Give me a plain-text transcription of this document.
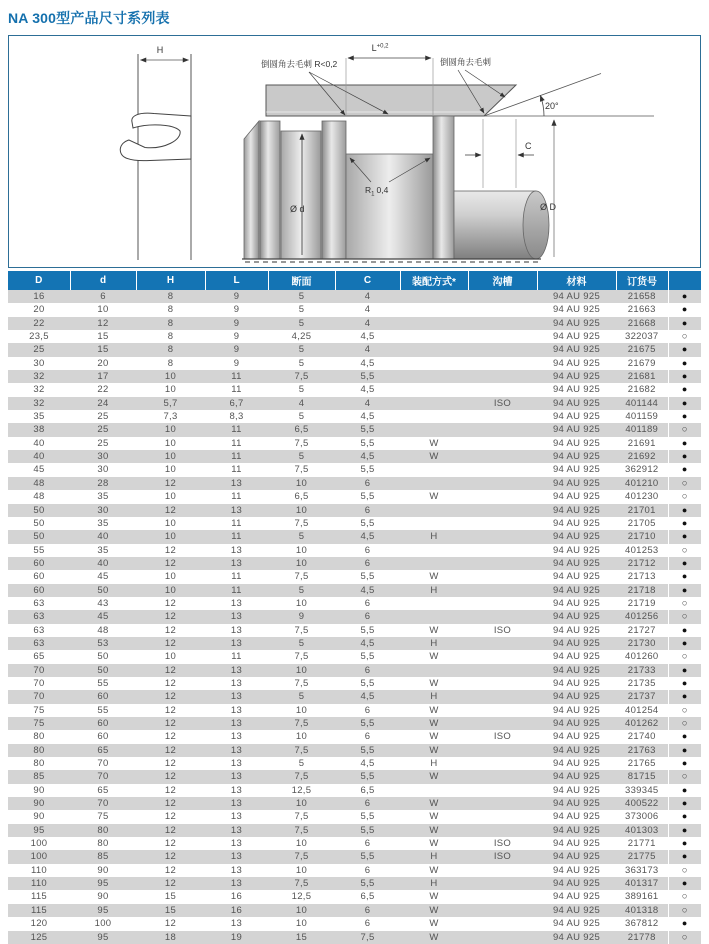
NA 300型产品尺寸系列表
H
20°
$L^{+0,2}$
C
Ø d	Ø D
$R_1$ 0,4
倒圆角去毛刺 R<0,2	倒圆角去毛刺
D	d	H	L	断面	C	装配方式*	沟槽	材料	订货号	
16	6	8	9	5	4			94 AU 925	21658	●
20	10	8	9	5	4			94 AU 925	21663	●
22	12	8	9	5	4			94 AU 925	21668	●
23,5	15	8	9	4,25	4,5			94 AU 925	322037	○
25	15	8	9	5	4			94 AU 925	21675	●
30	20	8	9	5	4,5			94 AU 925	21679	●
32	17	10	11	7,5	5,5			94 AU 925	21681	●
32	22	10	11	5	4,5			94 AU 925	21682	●
32	24	5,7	6,7	4	4		ISO	94 AU 925	401144	●
35	25	7,3	8,3	5	4,5			94 AU 925	401159	●
38	25	10	11	6,5	5,5			94 AU 925	401189	○
40	25	10	11	7,5	5,5	W		94 AU 925	21691	●
40	30	10	11	5	4,5	W		94 AU 925	21692	●
45	30	10	11	7,5	5,5			94 AU 925	362912	●
48	28	12	13	10	6			94 AU 925	401210	○
48	35	10	11	6,5	5,5	W		94 AU 925	401230	○
50	30	12	13	10	6			94 AU 925	21701	●
50	35	10	11	7,5	5,5			94 AU 925	21705	●
50	40	10	11	5	4,5	H		94 AU 925	21710	●
55	35	12	13	10	6			94 AU 925	401253	○
60	40	12	13	10	6			94 AU 925	21712	●
60	45	10	11	7,5	5,5	W		94 AU 925	21713	●
60	50	10	11	5	4,5	H		94 AU 925	21718	●
63	43	12	13	10	6			94 AU 925	21719	○
63	45	12	13	9	6			94 AU 925	401256	○
63	48	12	13	7,5	5,5	W	ISO	94 AU 925	21727	●
63	53	12	13	5	4,5	H		94 AU 925	21730	●
65	50	10	11	7,5	5,5	W		94 AU 925	401260	○
70	50	12	13	10	6			94 AU 925	21733	●
70	55	12	13	7,5	5,5	W		94 AU 925	21735	●
70	60	12	13	5	4,5	H		94 AU 925	21737	●
75	55	12	13	10	6	W		94 AU 925	401254	○
75	60	12	13	7,5	5,5	W		94 AU 925	401262	○
80	60	12	13	10	6	W	ISO	94 AU 925	21740	●
80	65	12	13	7,5	5,5	W		94 AU 925	21763	●
80	70	12	13	5	4,5	H		94 AU 925	21765	●
85	70	12	13	7,5	5,5	W		94 AU 925	81715	○
90	65	12	13	12,5	6,5			94 AU 925	339345	●
90	70	12	13	10	6	W		94 AU 925	400522	●
90	75	12	13	7,5	5,5	W		94 AU 925	373006	●
95	80	12	13	7,5	5,5	W		94 AU 925	401303	●
100	80	12	13	10	6	W	ISO	94 AU 925	21771	●
100	85	12	13	7,5	5,5	H	ISO	94 AU 925	21775	●
110	90	12	13	10	6	W		94 AU 925	363173	○
110	95	12	13	7,5	5,5	H		94 AU 925	401317	●
115	90	15	16	12,5	6,5	W		94 AU 925	389161	○
115	95	15	16	10	6	W		94 AU 925	401318	○
120	100	12	13	10	6	W		94 AU 925	367812	●
125	95	18	19	15	7,5	W		94 AU 925	21778	○
